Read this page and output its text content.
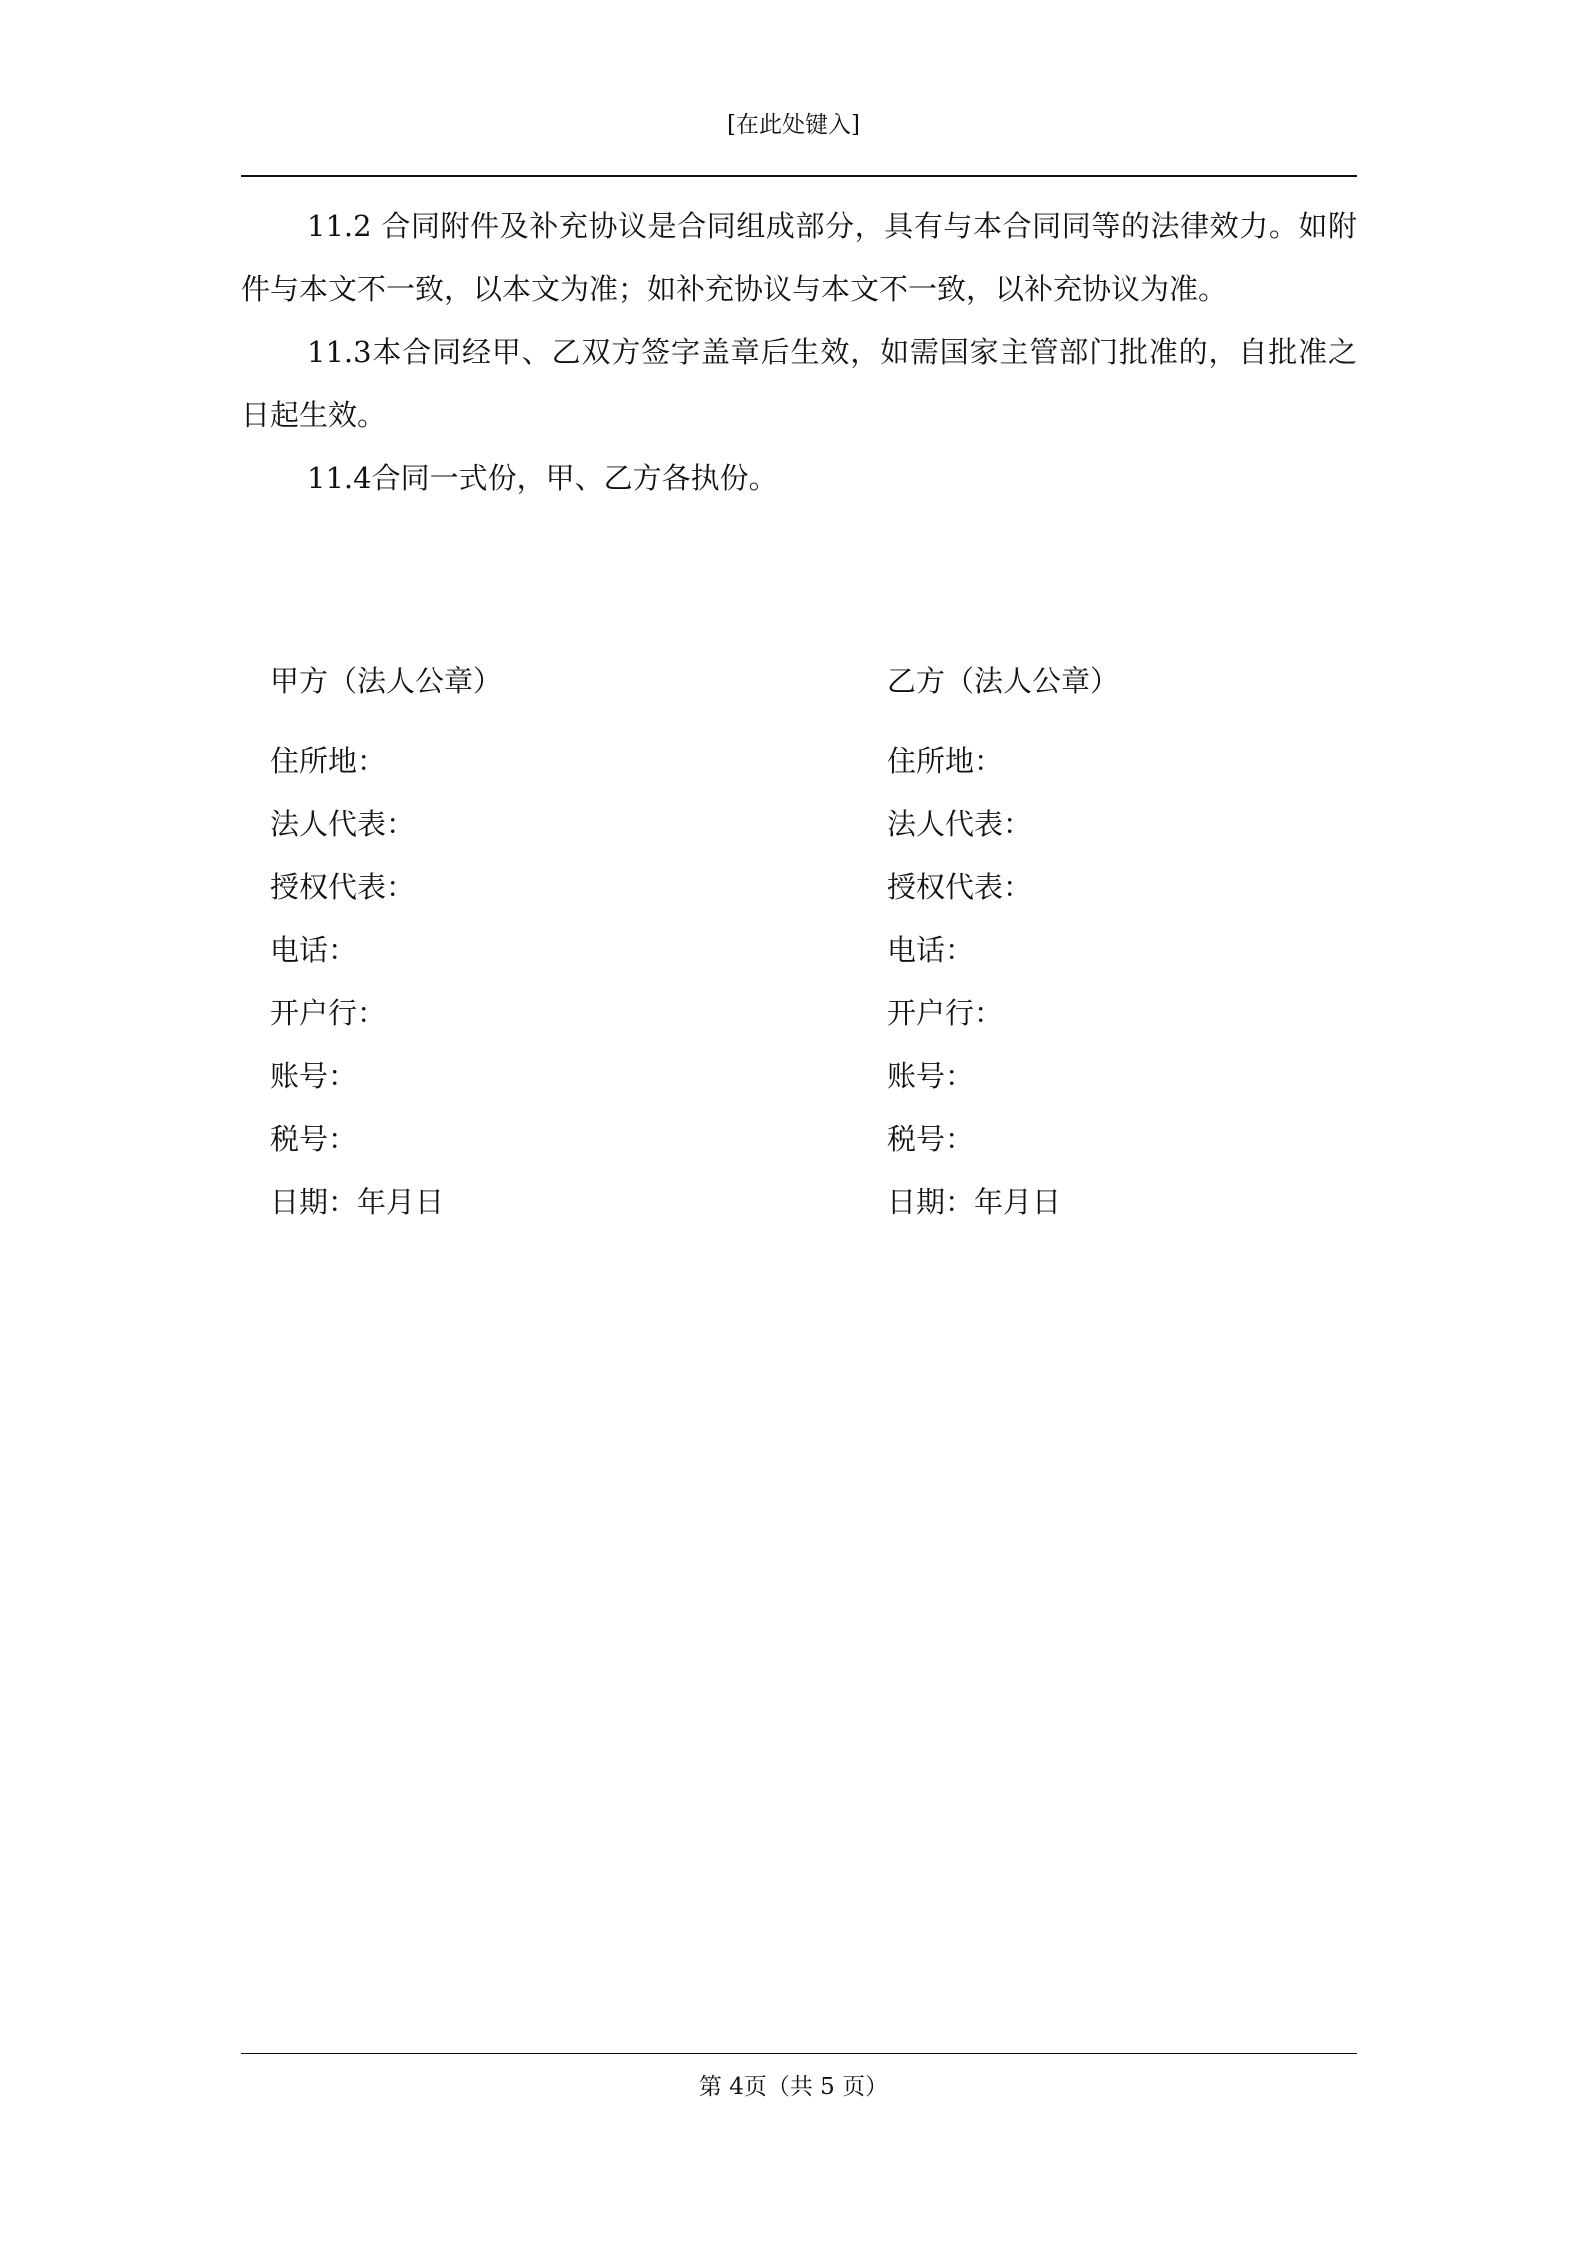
[在此处键入]

11.2 合同附件及补充协议是合同组成部分，具有与本合同同等的法律效力。如附件与本文不一致，以本文为准；如补充协议与本文不一致，以补充协议为准。

11.3本合同经甲、乙双方签字盖章后生效，如需国家主管部门批准的，自批准之日起生效。

11.4合同一式份，甲、乙方各执份。

甲方（法人公章）
住所地：
法人代表：
授权代表：
电话：
开户行：
账号：
税号：
日期：年月日
乙方（法人公章）
住所地：
法人代表：
授权代表：
电话：
开户行：
账号：
税号：
日期：年月日
第 4页（共 5 页）
